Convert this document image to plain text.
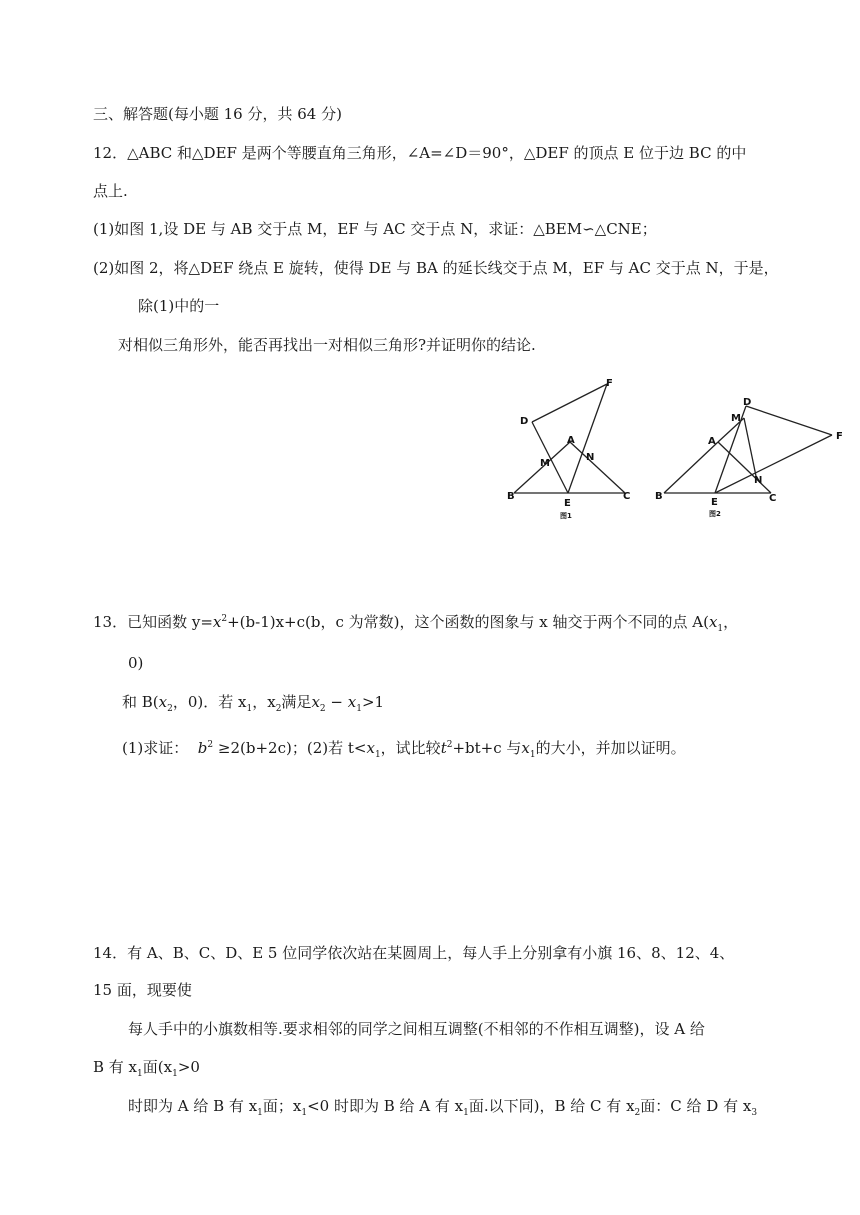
三、解答题(每小题 16 分，共 64 分)
12．△ABC 和△DEF 是两个等腰直角三角形，∠A=∠D＝90°，△DEF 的顶点 E 位于边 BC 的中
点上.
(1)如图 1,设 DE 与 AB 交于点 M，EF 与 AC 交于点 N，求证：△BEM∽△CNE；
(2)如图 2，将△DEF 绕点 E 旋转，使得 DE 与 BA 的延长线交于点 M，EF 与 AC 交于点 N，于是，
除(1)中的一
对相似三角形外，能否再找出一对相似三角形?并证明你的结论.
F
D
A
M
N
B
E
C
图1
D
M
A	F
N
B
E	C
图2
13．已知函数 $y=x^2+(b-1)x+c(b$，c 为常数)，这个函数的图象与 x 轴交于两个不同的点 $A(x_1$，
0)
和 $B(x_2$，0)．若 $x_1$，$x_2$满足$x_2 - x_1>1$
(1)求证： $b^2 \ge 2(b+2c)$；(2)若 $t<x_1$，试比较$t^2+bt+c$ 与$x_1$的大小，并加以证明。
14．有 A、B、C、D、E 5 位同学依次站在某圆周上，每人手上分别拿有小旗 16、8、12、4、
15 面，现要使
每人手中的小旗数相等.要求相邻的同学之间相互调整(不相邻的不作相互调整)，设 A 给
B 有 $x_1$面($x_1>0$
时即为 A 给 B 有 $x_1$面；$x_1<0$ 时即为 B 给 A 有 $x_1$面.以下同)，B 给 C 有 $x_2$面：C 给 D 有 $x_3$
